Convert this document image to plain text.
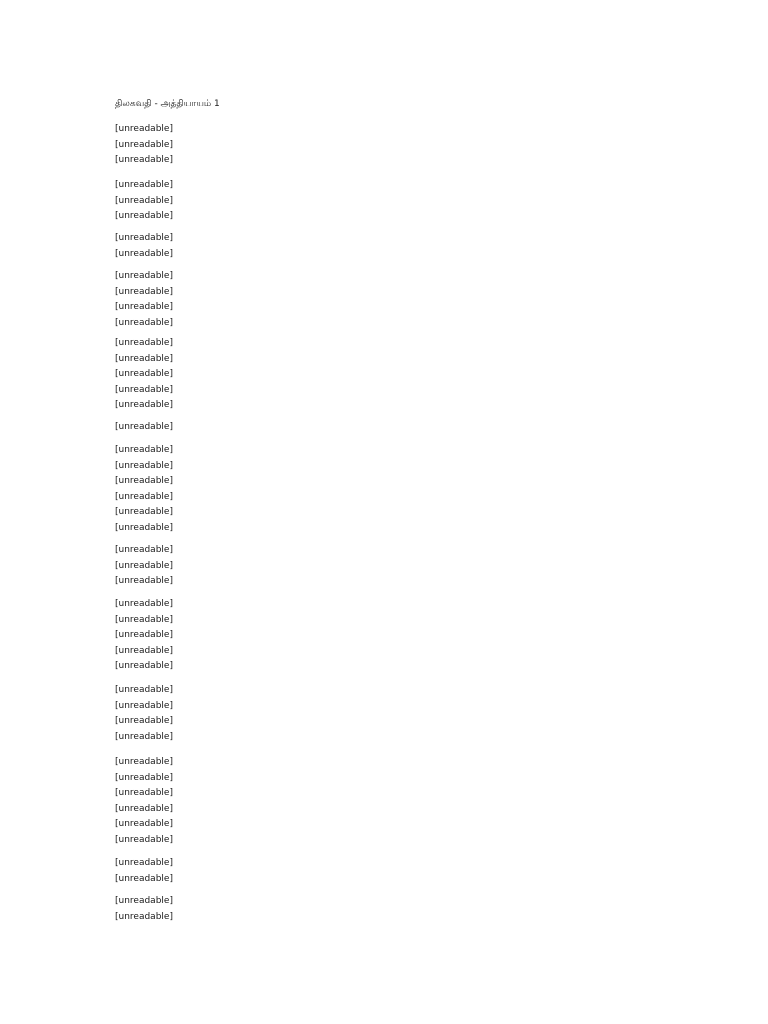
திலகவதி - அத்தியாயம் 1
[unreadable]
[unreadable]
[unreadable]
[unreadable]
[unreadable]
[unreadable]
[unreadable]
[unreadable]
[unreadable]
[unreadable]
[unreadable]
[unreadable]
[unreadable]
[unreadable]
[unreadable]
[unreadable]
[unreadable]
[unreadable]
[unreadable]
[unreadable]
[unreadable]
[unreadable]
[unreadable]
[unreadable]
[unreadable]
[unreadable]
[unreadable]
[unreadable]
[unreadable]
[unreadable]
[unreadable]
[unreadable]
[unreadable]
[unreadable]
[unreadable]
[unreadable]
[unreadable]
[unreadable]
[unreadable]
[unreadable]
[unreadable]
[unreadable]
[unreadable]
[unreadable]
[unreadable]
[unreadable]
